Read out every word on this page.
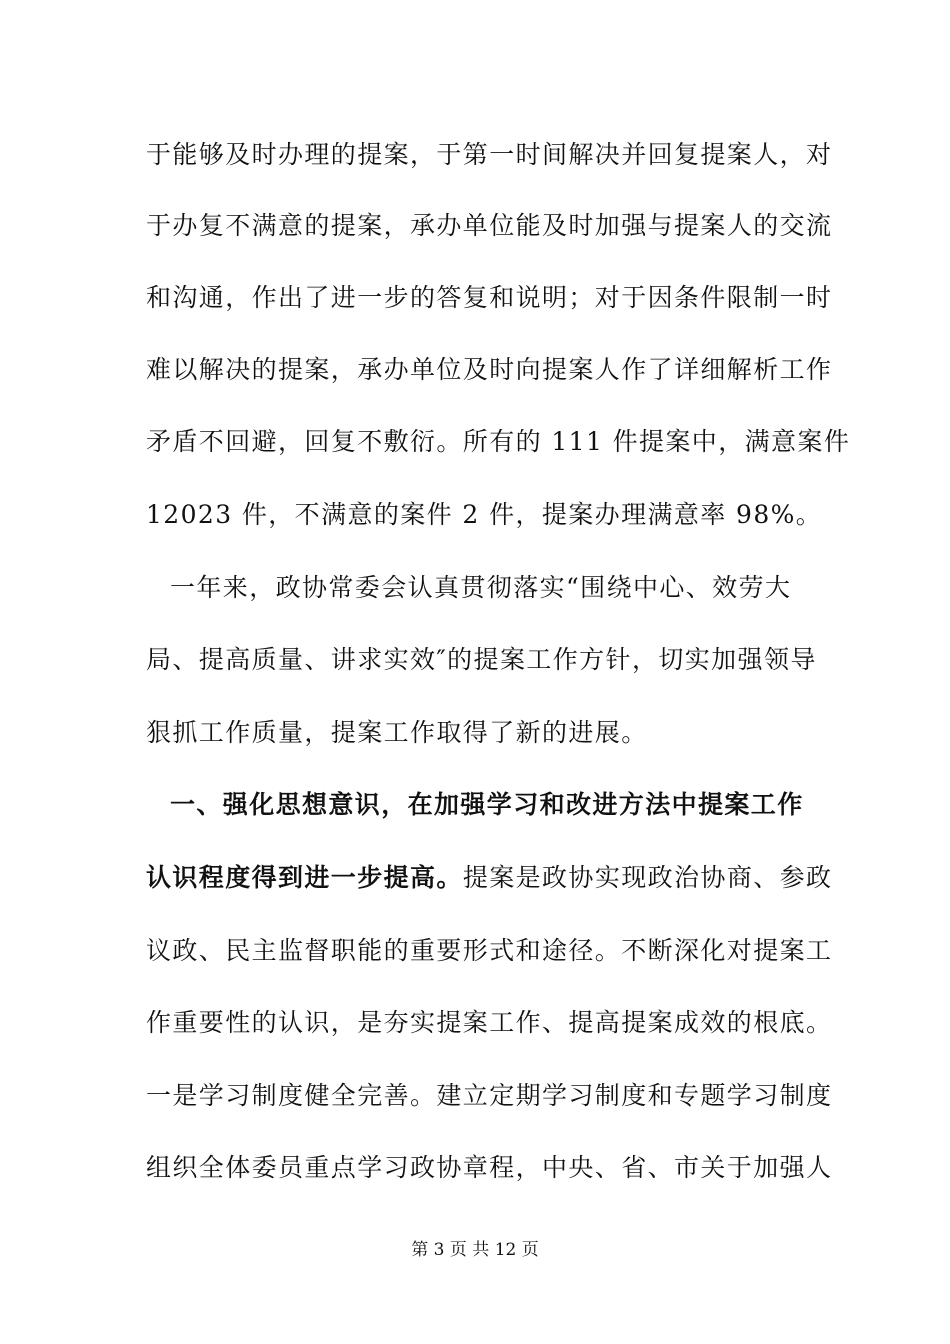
于能够及时办理的提案，于第一时间解决并回复提案人，对
于办复不满意的提案，承办单位能及时加强与提案人的交流
和沟通，作出了进一步的答复和说明；对于因条件限制一时
难以解决的提案，承办单位及时向提案人作了详细解析工作
矛盾不回避，回复不敷衍。所有的 111 件提案中，满意案件
12023 件，不满意的案件 2 件，提案办理满意率 98%。
一年来，政协常委会认真贯彻落实“围绕中心、效劳大
局、提高质量、讲求实效″的提案工作方针，切实加强领导
狠抓工作质量，提案工作取得了新的进展。
一、强化思想意识，在加强学习和改进方法中提案工作
认识程度得到进一步提高。提案是政协实现政治协商、参政
议政、民主监督职能的重要形式和途径。不断深化对提案工
作重要性的认识，是夯实提案工作、提高提案成效的根底。
一是学习制度健全完善。建立定期学习制度和专题学习制度
组织全体委员重点学习政协章程，中央、省、市关于加强人
第 3 页 共 12 页
